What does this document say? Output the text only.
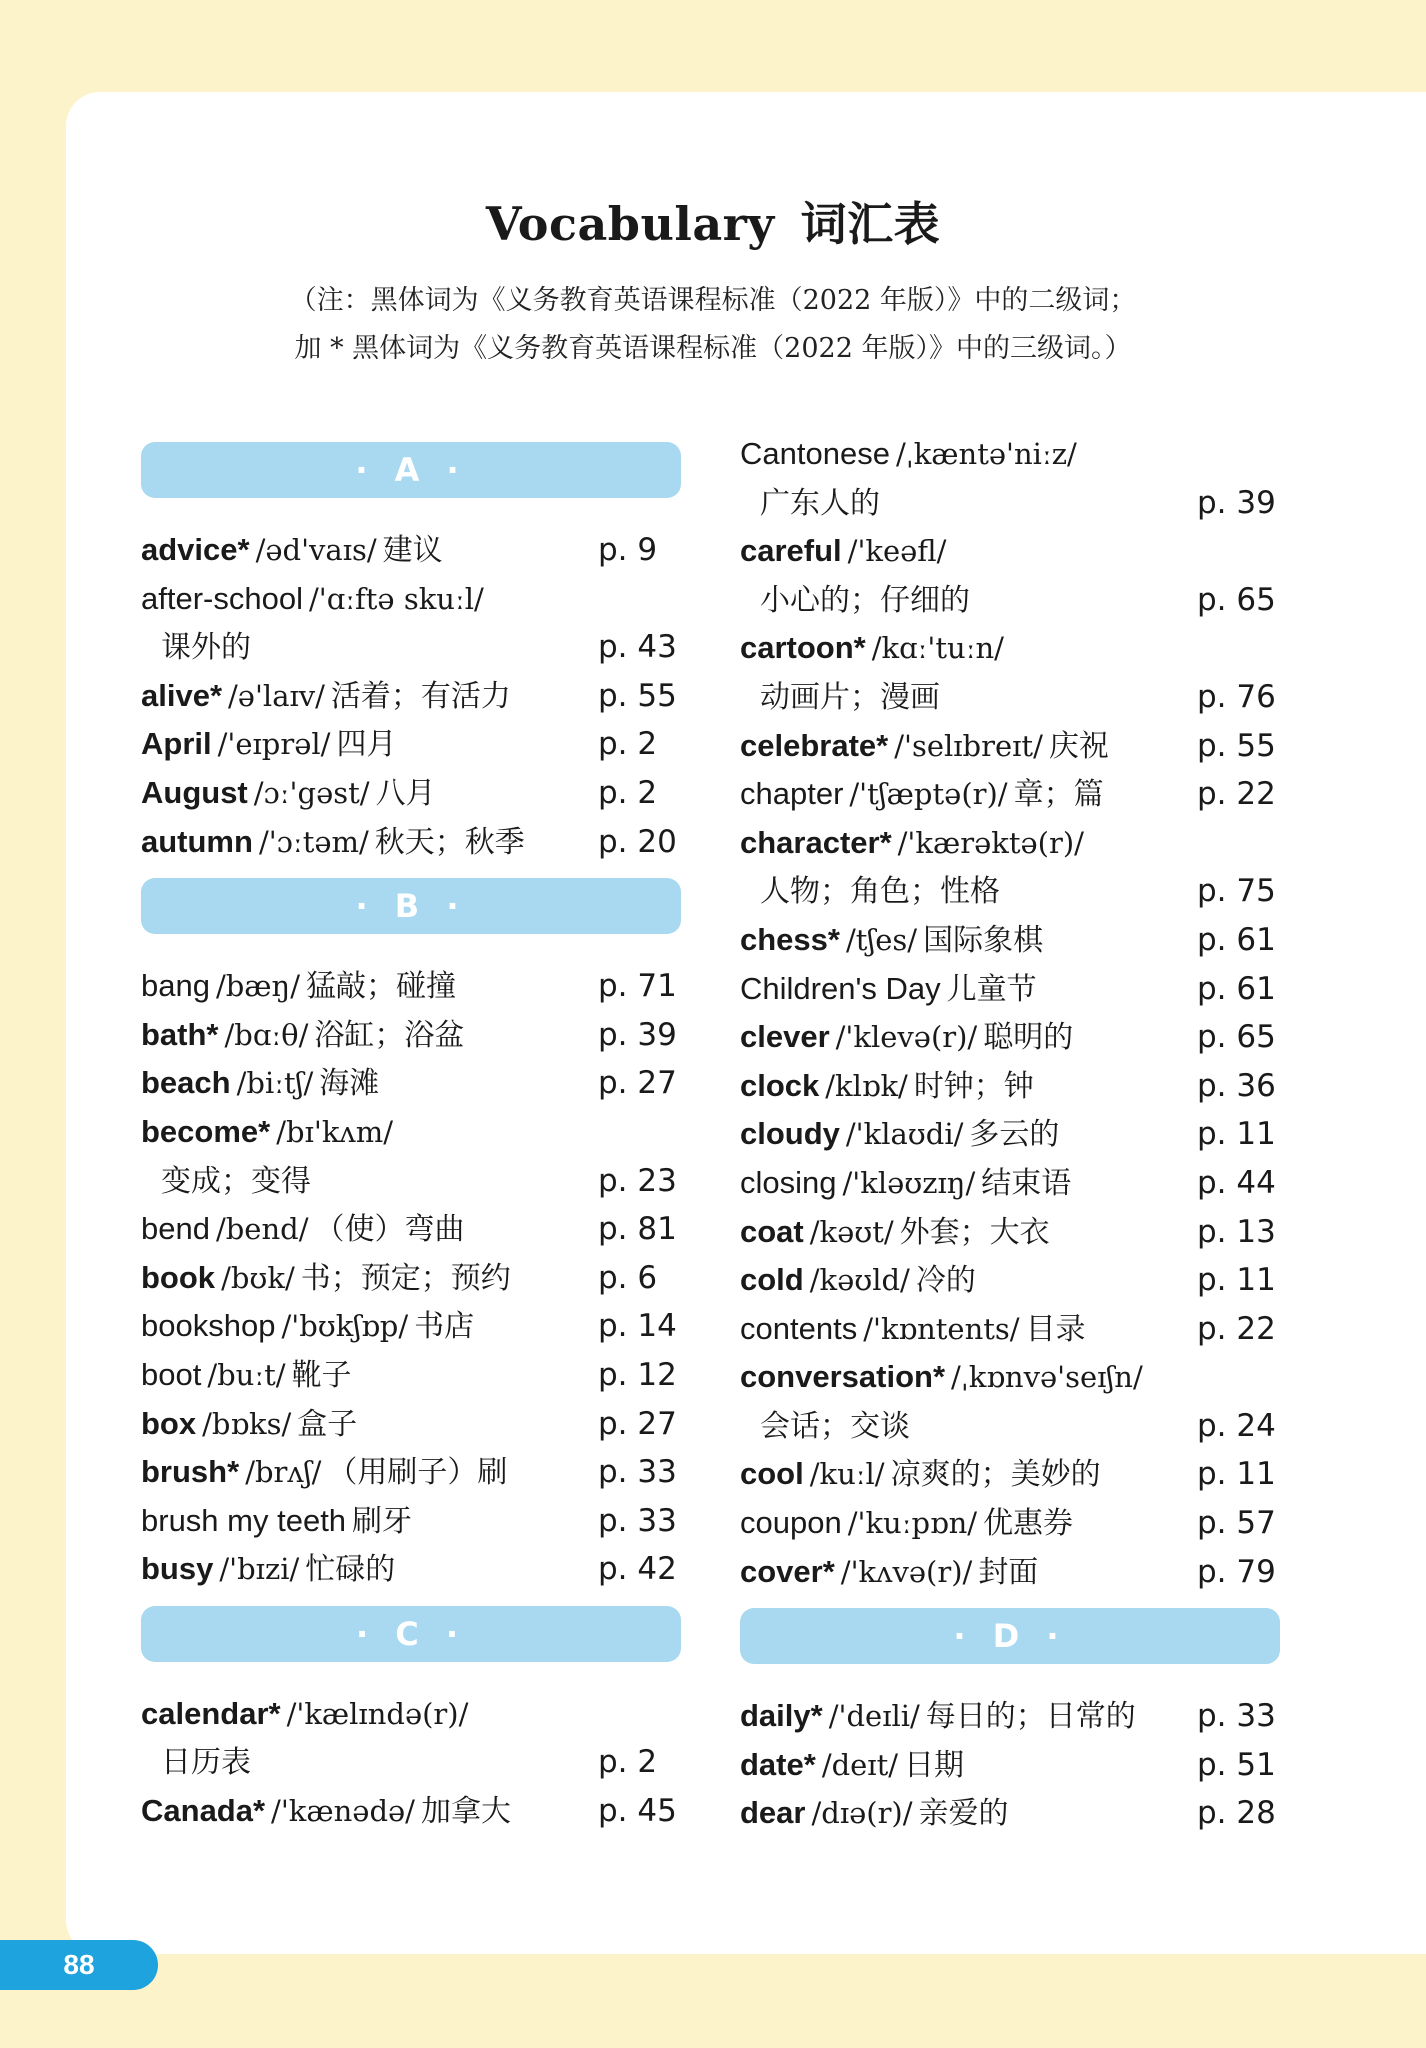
Vocabulary 词汇表
（注：黑体词为《义务教育英语课程标准（2022 年版）》中的二级词；
加 * 黑体词为《义务教育英语课程标准（2022 年版）》中的三级词。）
· A ·
advice* /əd'vaɪs/ 建议	p. 9
after-school /'ɑːftə skuːl/
课外的	p. 43
alive* /ə'laɪv/ 活着；有活力	p. 55
April /'eɪprəl/ 四月	p. 2
August /ɔː'gəst/ 八月	p. 2
autumn /'ɔːtəm/ 秋天；秋季 p. 20
· B ·
bang /bæŋ/ 猛敲；碰撞	p. 71
bath* /bɑːθ/ 浴缸；浴盆	p. 39
beach /biːtʃ/ 海滩	p. 27
become* /bɪ'kʌm/
变成；变得	p. 23
bend /bend/ （使）弯曲	p. 81
book /bʊk/ 书；预定；预约	p. 6
bookshop /'bʊkʃɒp/ 书店	p. 14
boot /buːt/ 靴子	p. 12
box /bɒks/ 盒子	p. 27
brush* /brʌʃ/ （用刷子）刷	p. 33
brush my teeth 刷牙	p. 33
busy /'bɪzi/ 忙碌的	p. 42
· C ·
calendar* /'kælɪndə(r)/
日历表	p. 2
Canada* /'kænədə/ 加拿大	p. 45
Cantonese /ˌkæntə'niːz/
广东人的	p. 39
careful /'keəfl/
小心的；仔细的	p. 65
cartoon* /kɑː'tuːn/
动画片；漫画	p. 76
celebrate* /'selɪbreɪt/ 庆祝	p. 55
chapter /'tʃæptə(r)/ 章；篇	p. 22
character* /'kærəktə(r)/
人物；角色；性格	p. 75
chess* /tʃes/ 国际象棋	p. 61
Children's Day 儿童节	p. 61
clever /'klevə(r)/ 聪明的	p. 65
clock /klɒk/ 时钟；钟	p. 36
cloudy /'klaʊdi/ 多云的	p. 11
closing /'kləʊzɪŋ/ 结束语	p. 44
coat /kəʊt/ 外套；大衣	p. 13
cold /kəʊld/ 冷的	p. 11
contents /'kɒntents/ 目录	p. 22
conversation* /ˌkɒnvə'seɪʃn/
会话；交谈	p. 24
cool /kuːl/ 凉爽的；美妙的	p. 11
coupon /'kuːpɒn/ 优惠券	p. 57
cover* /'kʌvə(r)/ 封面	p. 79
· D ·
daily* /'deɪli/ 每日的；日常的 p. 33
date* /deɪt/ 日期	p. 51
dear /dɪə(r)/ 亲爱的	p. 28
88
